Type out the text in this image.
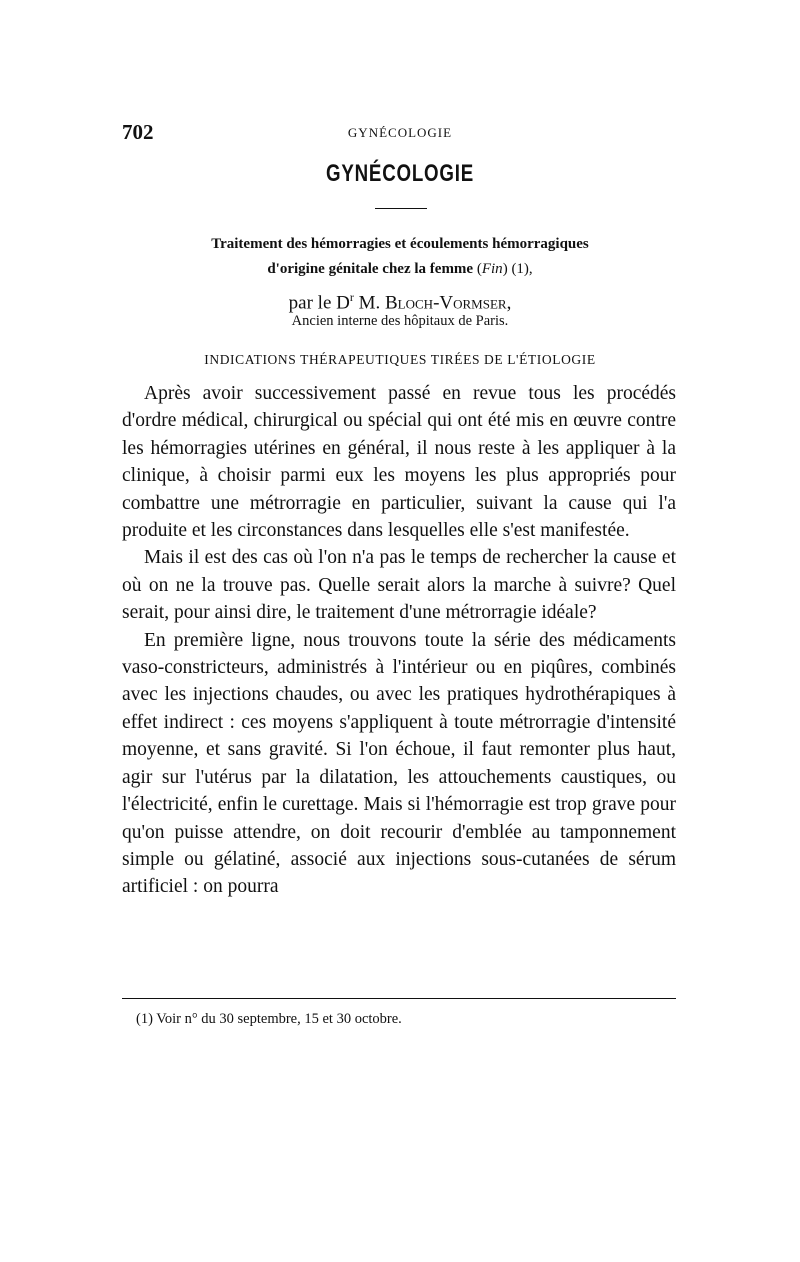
702	GYNÉCOLOGIE
GYNÉCOLOGIE
Traitement des hémorragies et écoulements hémorragiques
d'origine génitale chez la femme (Fin) (1),
par le $D^r$ M. Bloch-Vormser,
Ancien interne des hôpitaux de Paris.
INDICATIONS THÉRAPEUTIQUES TIRÉES DE L'ÉTIOLOGIE

Après avoir successivement passé en revue tous les procédés d'ordre médical, chirurgical ou spécial qui ont été mis en œuvre contre les hémorragies utérines en général, il nous reste à les appliquer à la clinique, à choisir parmi eux les moyens les plus appropriés pour combattre une métrorragie en particulier, suivant la cause qui l'a produite et les circonstances dans lesquelles elle s'est manifestée.

Mais il est des cas où l'on n'a pas le temps de rechercher la cause et où on ne la trouve pas. Quelle serait alors la marche à suivre? Quel serait, pour ainsi dire, le traitement d'une métrorragie idéale?

En première ligne, nous trouvons toute la série des médicaments vaso-constricteurs, administrés à l'intérieur ou en piqûres, combinés avec les injections chaudes, ou avec les pratiques hydrothérapiques à effet indirect : ces moyens s'appliquent à toute métrorragie d'intensité moyenne, et sans gravité. Si l'on échoue, il faut remonter plus haut, agir sur l'utérus par la dilatation, les attouchements caustiques, ou l'électricité, enfin le curettage. Mais si l'hémorragie est trop grave pour qu'on puisse attendre, on doit recourir d'emblée au tamponnement simple ou gélatiné, associé aux injections sous-cutanées de sérum artificiel : on pourra

(1) Voir n° du 30 septembre, 15 et 30 octobre.
